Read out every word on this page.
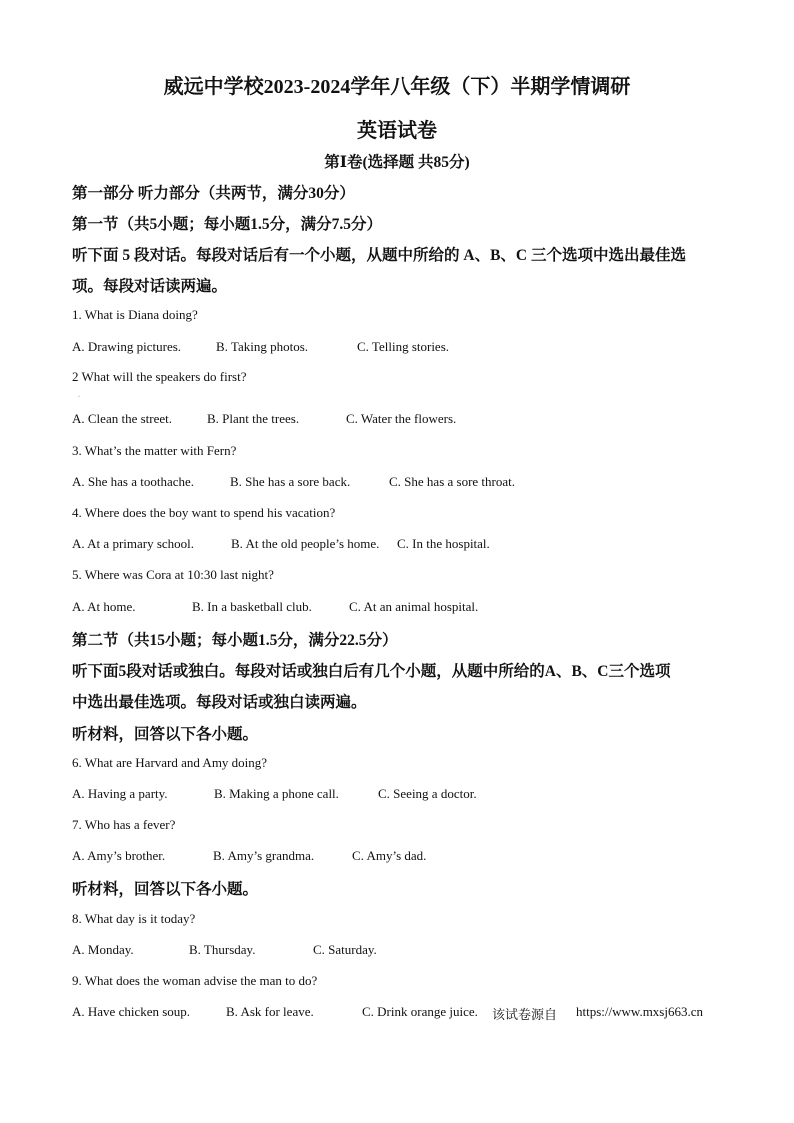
威远中学校2023-2024学年八年级（下）半期学情调研
英语试卷
第Ⅰ卷(选择题 共85分)
第一部分 听力部分（共两节，满分30分）
第一节（共5小题；每小题1.5分，满分7.5分）
听下面 5 段对话。每段对话后有一个小题，从题中所给的 A、B、C 三个选项中选出最佳选
项。每段对话读两遍。
1. What is Diana doing?
A. Drawing pictures.	B. Taking photos.	C. Telling stories.
2 What will the speakers do first?
·
A. Clean the street.	B. Plant the trees.	C. Water the flowers.
3. What’s the matter with Fern?
A. She has a toothache.	B. She has a sore back.	C. She has a sore throat.
4. Where does the boy want to spend his vacation?
A. At a primary school.	B. At the old people’s home. C. In the hospital.
5. Where was Cora at 10:30 last night?
A. At home.	B. In a basketball club.	C. At an animal hospital.
第二节（共15小题；每小题1.5分，满分22.5分）
听下面5段对话或独白。每段对话或独白后有几个小题，从题中所给的A、B、C三个选项
中选出最佳选项。每段对话或独白读两遍。
听材料，回答以下各小题。
6. What are Harvard and Amy doing?
A. Having a party.	B. Making a phone call.	C. Seeing a doctor.
7. Who has a fever?
A. Amy’s brother.	B. Amy’s grandma.	C. Amy’s dad.
听材料，回答以下各小题。
8. What day is it today?
A. Monday.	B. Thursday.	C. Saturday.
9. What does the woman advise the man to do?
A. Have chicken soup.	B. Ask for leave.	C. Drink orange juice. 该试卷源自 https://www.mxsj663.cn
